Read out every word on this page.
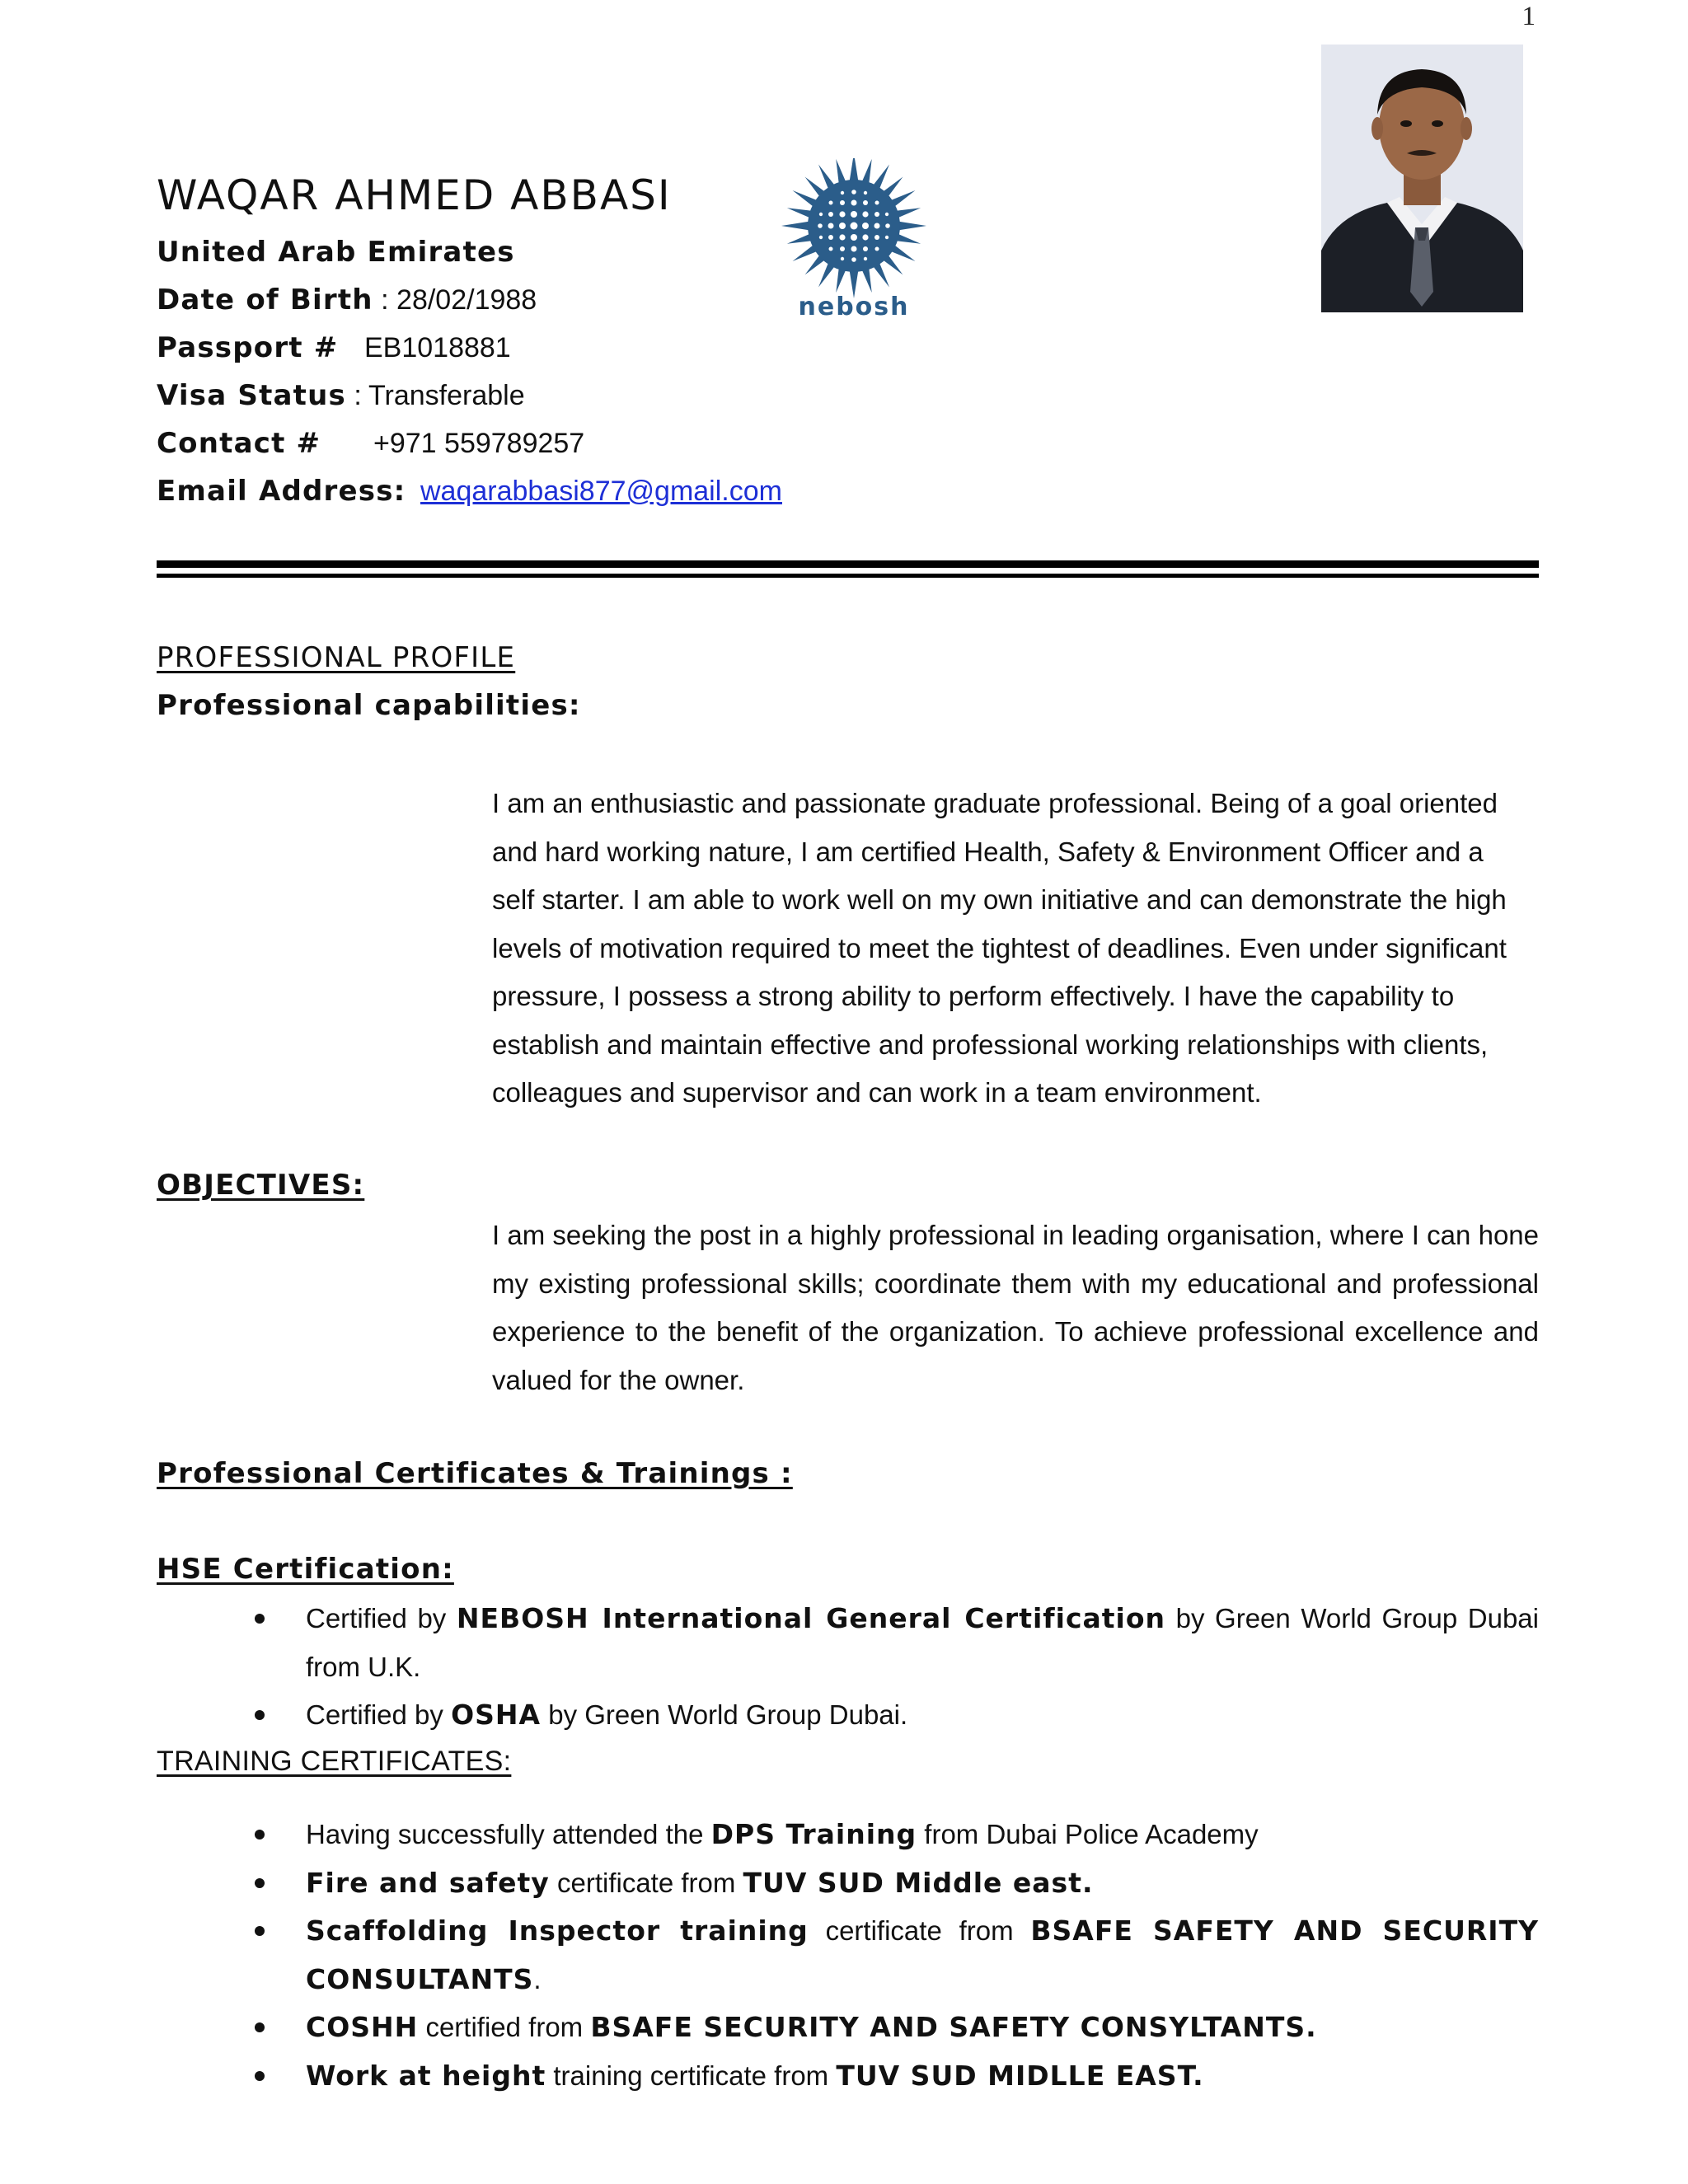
1
WAQAR AHMED ABBASI
United Arab Emirates
Date of Birth : 28/02/1988
Passport # EB1018881
Visa Status : Transferable
Contact # +971 559789257
Email Address: waqarabbasi877@gmail.com
nebosh
PROFESSIONAL PROFILE
Professional capabilities:
I am an enthusiastic and passionate graduate professional. Being of a goal oriented
and hard working nature, I am certified Health, Safety & Environment Officer and a
self starter. I am able to work well on my own initiative and can demonstrate the high
levels of motivation required to meet the tightest of deadlines. Even under significant
pressure, I possess a strong ability to perform effectively. I have the capability to
establish and maintain effective and professional working relationships with clients,
colleagues and supervisor and can work in a team environment.
OBJECTIVES:
I am seeking the post in a highly professional in leading organisation, where I can hone my existing professional skills; coordinate them with my educational and professional experience to the benefit of the organization. To achieve professional excellence and valued for the owner.
Professional Certificates & Trainings :
HSE Certification:
Certified by NEBOSH International General Certification by Green World Group Dubai from U.K.
Certified by OSHA by Green World Group Dubai.
TRAINING CERTIFICATES:
Having successfully attended the DPS Training from Dubai Police Academy
Fire and safety certificate from TUV SUD Middle east.
Scaffolding Inspector training certificate from BSAFE SAFETY AND SECURITY CONSULTANTS.
COSHH certified from BSAFE SECURITY AND SAFETY CONSYLTANTS.
Work at height training certificate from TUV SUD MIDLLE EAST.
